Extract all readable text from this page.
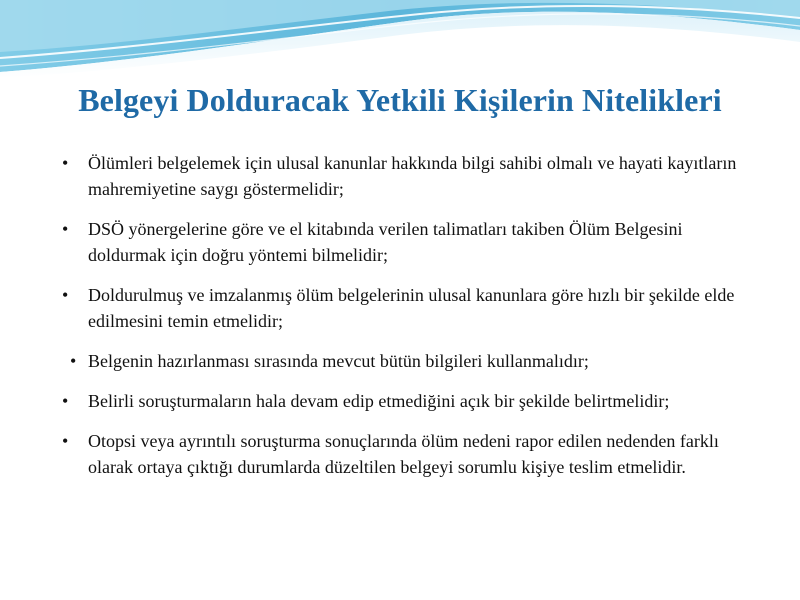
Belgeyi Dolduracak Yetkili Kişilerin Nitelikleri
• Ölümleri belgelemek için ulusal kanunlar hakkında bilgi sahibi olmalı ve hayati kayıtların mahremiyetine saygı göstermelidir;
• DSÖ yönergelerine göre ve el kitabında verilen talimatları takiben Ölüm Belgesini doldurmak için doğru yöntemi bilmelidir;
• Doldurulmuş ve imzalanmış ölüm belgelerinin ulusal kanunlara göre hızlı bir şekilde elde edilmesini temin etmelidir;
• Belgenin hazırlanması sırasında mevcut bütün bilgileri kullanmalıdır;
• Belirli soruşturmaların hala devam edip etmediğini açık bir şekilde belirtmelidir;
• Otopsi veya ayrıntılı soruşturma sonuçlarında ölüm nedeni rapor edilen nedenden farklı olarak ortaya çıktığı durumlarda düzeltilen belgeyi sorumlu kişiye teslim etmelidir.
